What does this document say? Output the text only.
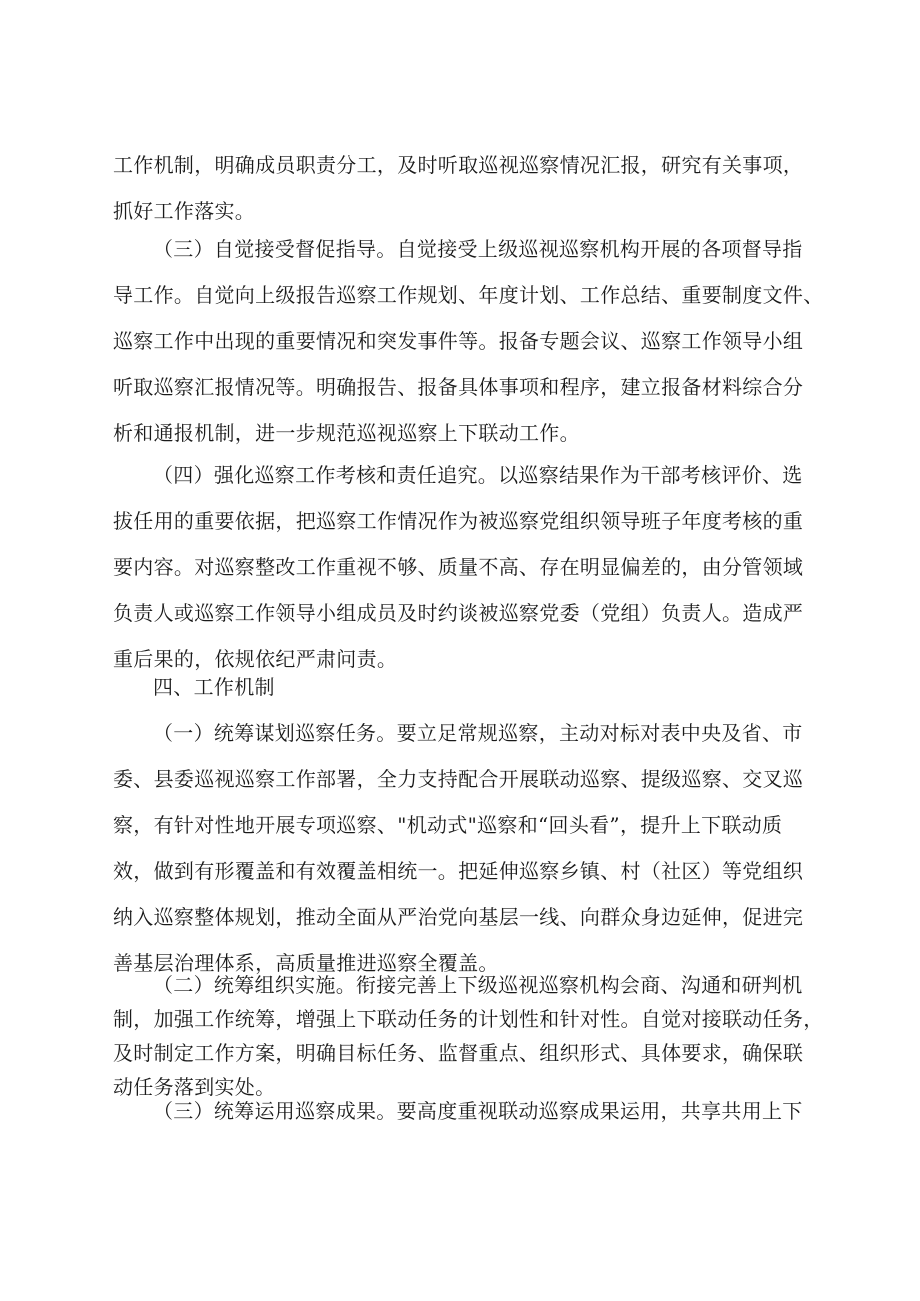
工作机制，明确成员职责分工，及时听取巡视巡察情况汇报，研究有关事项，
抓好工作落实。
（三）自觉接受督促指导。自觉接受上级巡视巡察机构开展的各项督导指
导工作。自觉向上级报告巡察工作规划、年度计划、工作总结、重要制度文件、
巡察工作中出现的重要情况和突发事件等。报备专题会议、巡察工作领导小组
听取巡察汇报情况等。明确报告、报备具体事项和程序，建立报备材料综合分
析和通报机制，进一步规范巡视巡察上下联动工作。
（四）强化巡察工作考核和责任追究。以巡察结果作为干部考核评价、选
拔任用的重要依据，把巡察工作情况作为被巡察党组织领导班子年度考核的重
要内容。对巡察整改工作重视不够、质量不高、存在明显偏差的，由分管领域
负责人或巡察工作领导小组成员及时约谈被巡察党委（党组）负责人。造成严
重后果的，依规依纪严肃问责。
四、工作机制
（一）统筹谋划巡察任务。要立足常规巡察，主动对标对表中央及省、市
委、县委巡视巡察工作部署，全力支持配合开展联动巡察、提级巡察、交叉巡
察，有针对性地开展专项巡察、"机动式"巡察和“回头看”，提升上下联动质
效，做到有形覆盖和有效覆盖相统一。把延伸巡察乡镇、村（社区）等党组织
纳入巡察整体规划，推动全面从严治党向基层一线、向群众身边延伸，促进完
善基层治理体系，高质量推进巡察全覆盖。
（二）统筹组织实施。衔接完善上下级巡视巡察机构会商、沟通和研判机
制，加强工作统筹，增强上下联动任务的计划性和针对性。自觉对接联动任务，
及时制定工作方案，明确目标任务、监督重点、组织形式、具体要求，确保联
动任务落到实处。
（三）统筹运用巡察成果。要高度重视联动巡察成果运用，共享共用上下
